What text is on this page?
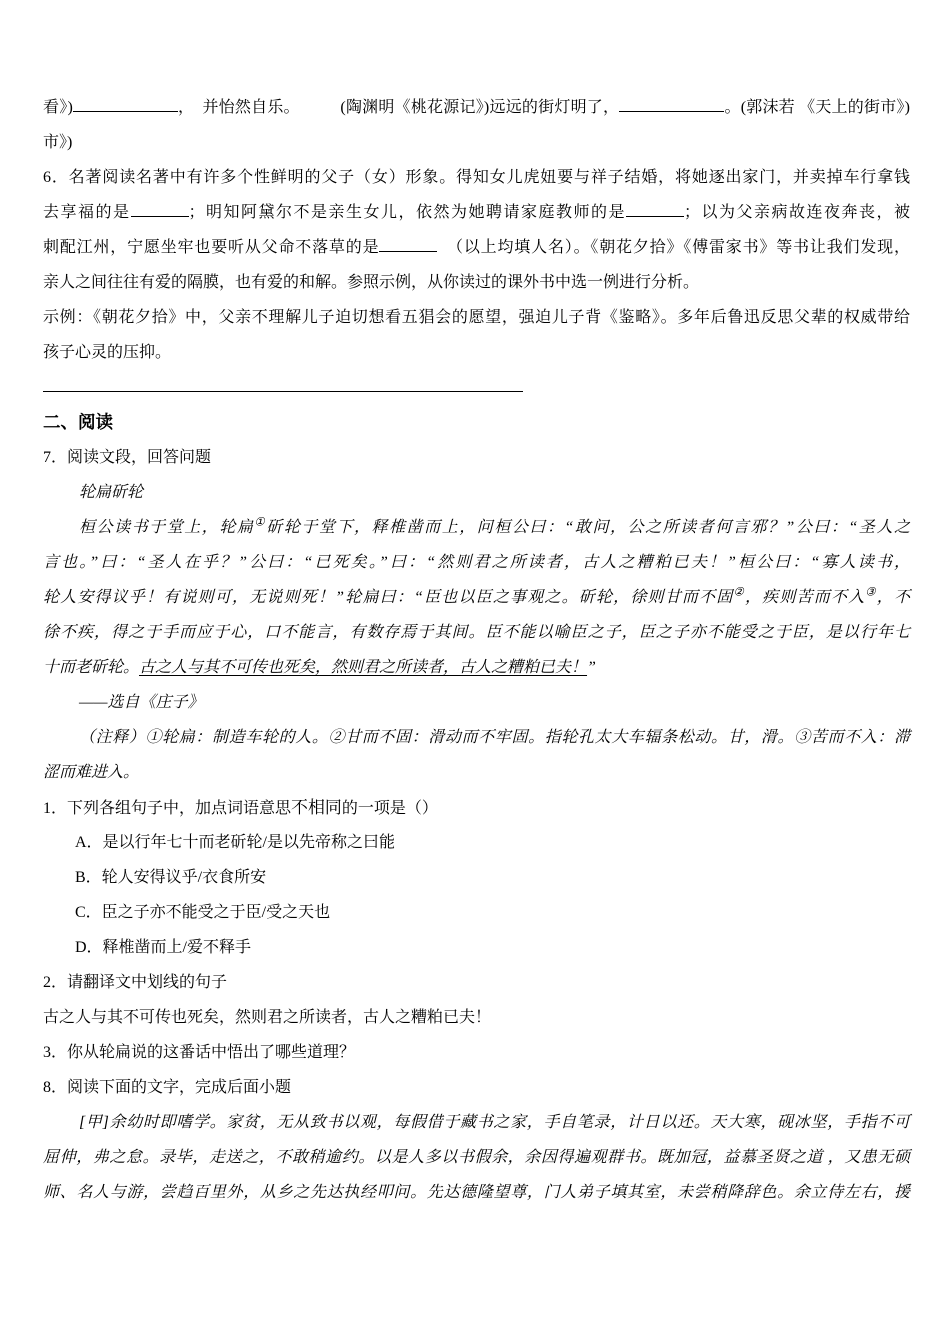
看》)	，　并怡然自乐。　　　(陶渊明《桃花源记》)远远的街灯明了，	。(郭沫若 《天上的街市》)

市》)

6．名著阅读名著中有许多个性鲜明的父子（女）形象。得知女儿虎妞要与祥子结婚，将她逐出家门，并卖掉车行拿钱

去享福的是	；明知阿黛尔不是亲生女儿，依然为她聘请家庭教师的是	；以为父亲病故连夜奔丧，被

刺配江州，宁愿坐牢也要听从父命不落草的是	　（以上均填人名）。《朝花夕拾》《傅雷家书》等书让我们发现，

亲人之间往往有爱的隔膜，也有爱的和解。参照示例，从你读过的课外书中选一例进行分析。

示例：《朝花夕拾》中，父亲不理解儿子迫切想看五猖会的愿望，强迫儿子背《鉴略》。多年后鲁迅反思父辈的权威带给

孩子心灵的压抑。

二、阅读

7．阅读文段，回答问题

轮扁斫轮

桓公读书于堂上，轮扁①斫轮于堂下，释椎凿而上，问桓公曰：“敢问，公之所读者何言邪？”公曰：“圣人之

言也。”曰：“圣人在乎？”公曰：“已死矣。”曰：“然则君之所读者，古人之糟粕已夫！”桓公曰：“寡人读书，

轮人安得议乎！有说则可，无说则死！”轮扁曰：“臣也以臣之事观之。斫轮，徐则甘而不固②，疾则苦而不入③，不

徐不疾，得之于手而应于心，口不能言，有数存焉于其间。臣不能以喻臣之子，臣之子亦不能受之于臣，是以行年七

十而老斫轮。古之人与其不可传也死矣，然则君之所读者，古人之糟粕已夫！”

——选自《庄子》

（注释）①轮扁：制造车轮的人。②甘而不固：滑动而不牢固。指轮孔太大车辐条松动。甘，滑。③苦而不入：滞

涩而难进入。

1．下列各组句子中，加点词语意思不相同的一项是（）

A．是以行年七十而老斫轮/是以先帝称之曰能

B．轮人安得议乎/衣食所安

C．臣之子亦不能受之于臣/受之天也

D．释椎凿而上/爱不释手

2．请翻译文中划线的句子

古之人与其不可传也死矣，然则君之所读者，古人之糟粕已夫！

3．你从轮扁说的这番话中悟出了哪些道理？

8．阅读下面的文字，完成后面小题

[甲]余幼时即嗜学。家贫，无从致书以观，每假借于藏书之家，手自笔录，计日以还。天大寒，砚冰坚，手指不可

屈伸，弗之怠。录毕，走送之，不敢稍逾约。以是人多以书假余，余因得遍观群书。既加冠，益慕圣贤之道 ，又患无硕

师、名人与游，尝趋百里外，从乡之先达执经叩问。先达德隆望尊，门人弟子填其室，未尝稍降辞色。余立侍左右，援
